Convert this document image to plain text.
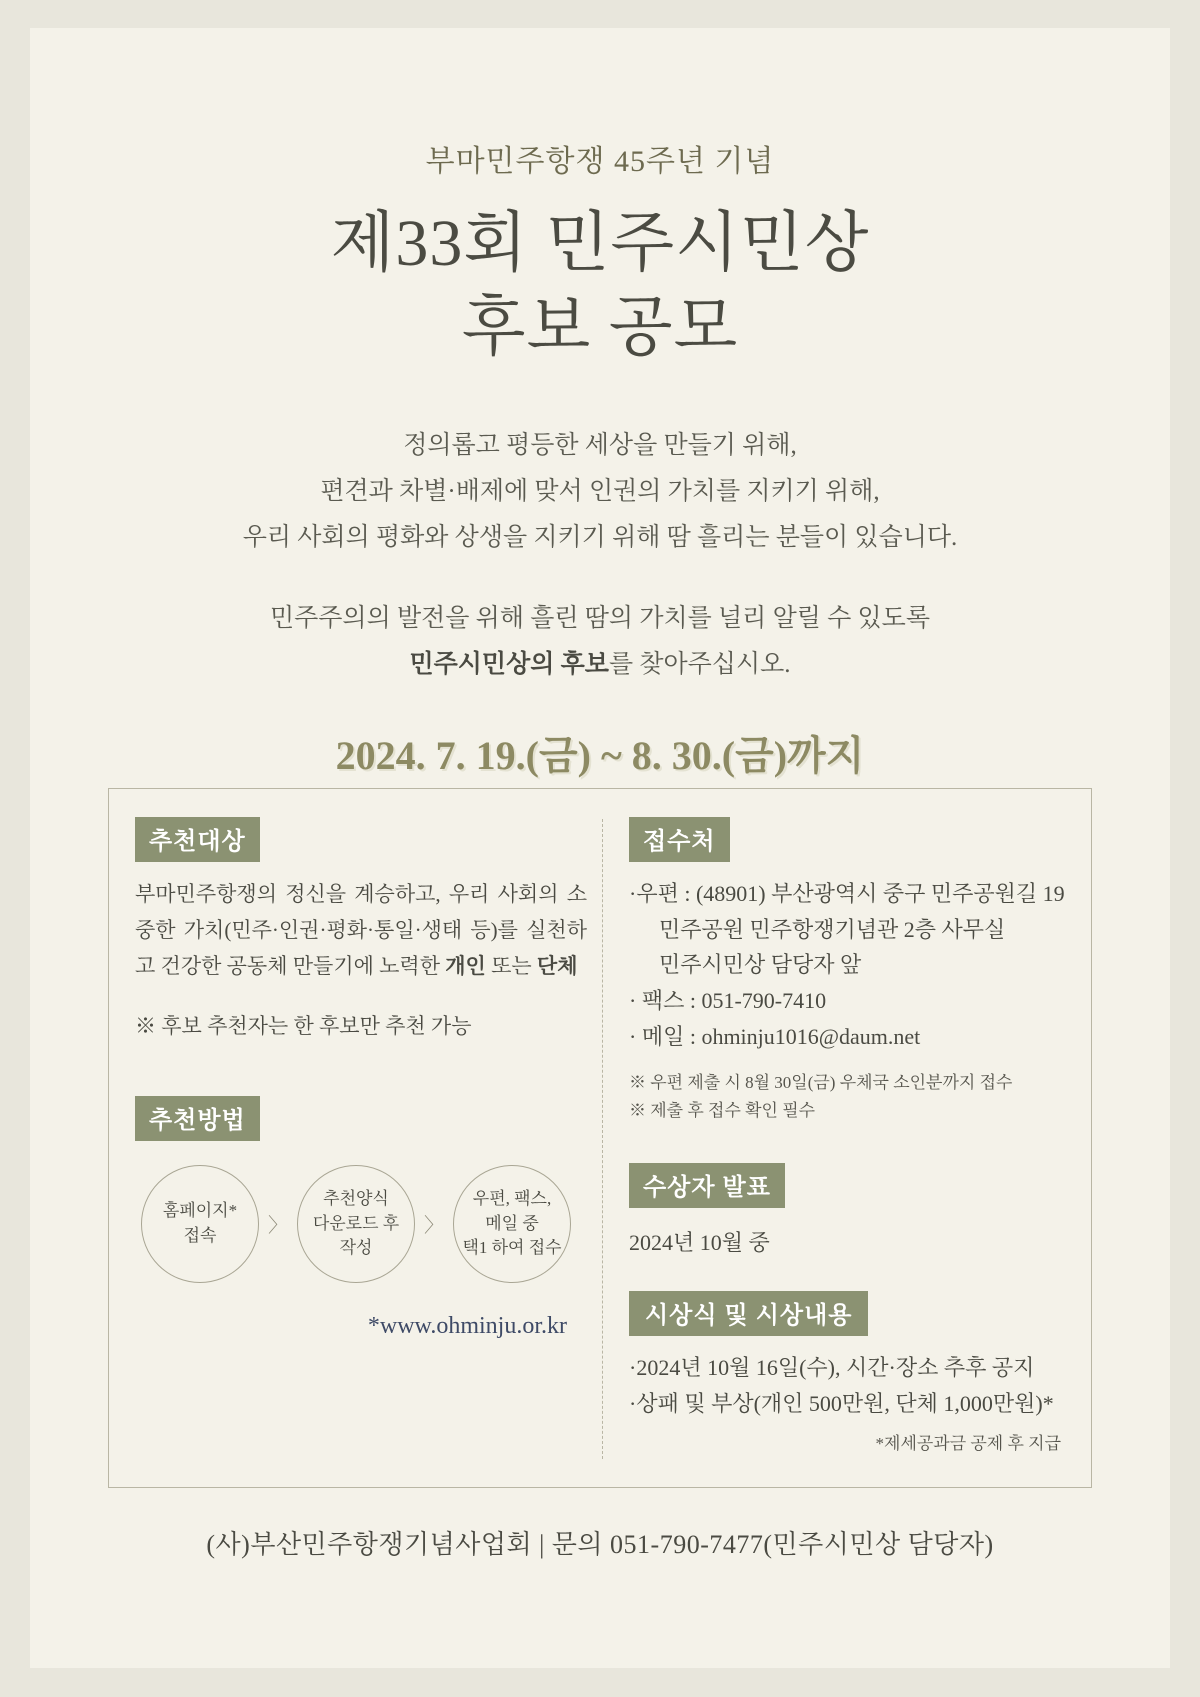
부마민주항쟁 45주년 기념
제33회 민주시민상
후보 공모

정의롭고 평등한 세상을 만들기 위해,

편견과 차별·배제에 맞서 인권의 가치를 지키기 위해,

우리 사회의 평화와 상생을 지키기 위해 땀 흘리는 분들이 있습니다.

민주주의의 발전을 위해 흘린 땀의 가치를 널리 알릴 수 있도록

민주시민상의 후보를 찾아주십시오.

2024. 7. 19.(금) ~ 8. 30.(금)까지
추천대상

부마민주항쟁의 정신을 계승하고, 우리 사회의 소중한 가치(민주·인권·평화·통일·생태 등)를 실천하고 건강한 공동체 만들기에 노력한 개인 또는 단체

※ 후보 추천자는 한 후보만 추천 가능
추천방법
홈페이지*
접속	〉
추천양식
다운로드 후
작성
〉
우편, 팩스,
메일 중
택1 하여 접수
*www.ohminju.or.kr
접수처
·우편 : (48901) 부산광역시 중구 민주공원길 19
민주공원 민주항쟁기념관 2층 사무실
민주시민상 담당자 앞
· 팩스 : 051-790-7410
· 메일 : ohminju1016@daum.net
※ 우편 제출 시 8월 30일(금) 우체국 소인분까지 접수
※ 제출 후 접수 확인 필수
수상자 발표
2024년 10월 중
시상식 및 시상내용
·2024년 10월 16일(수), 시간·장소 추후 공지
·상패 및 부상(개인 500만원, 단체 1,000만원)*
*제세공과금 공제 후 지급
(사)부산민주항쟁기념사업회 | 문의 051-790-7477(민주시민상 담당자)
